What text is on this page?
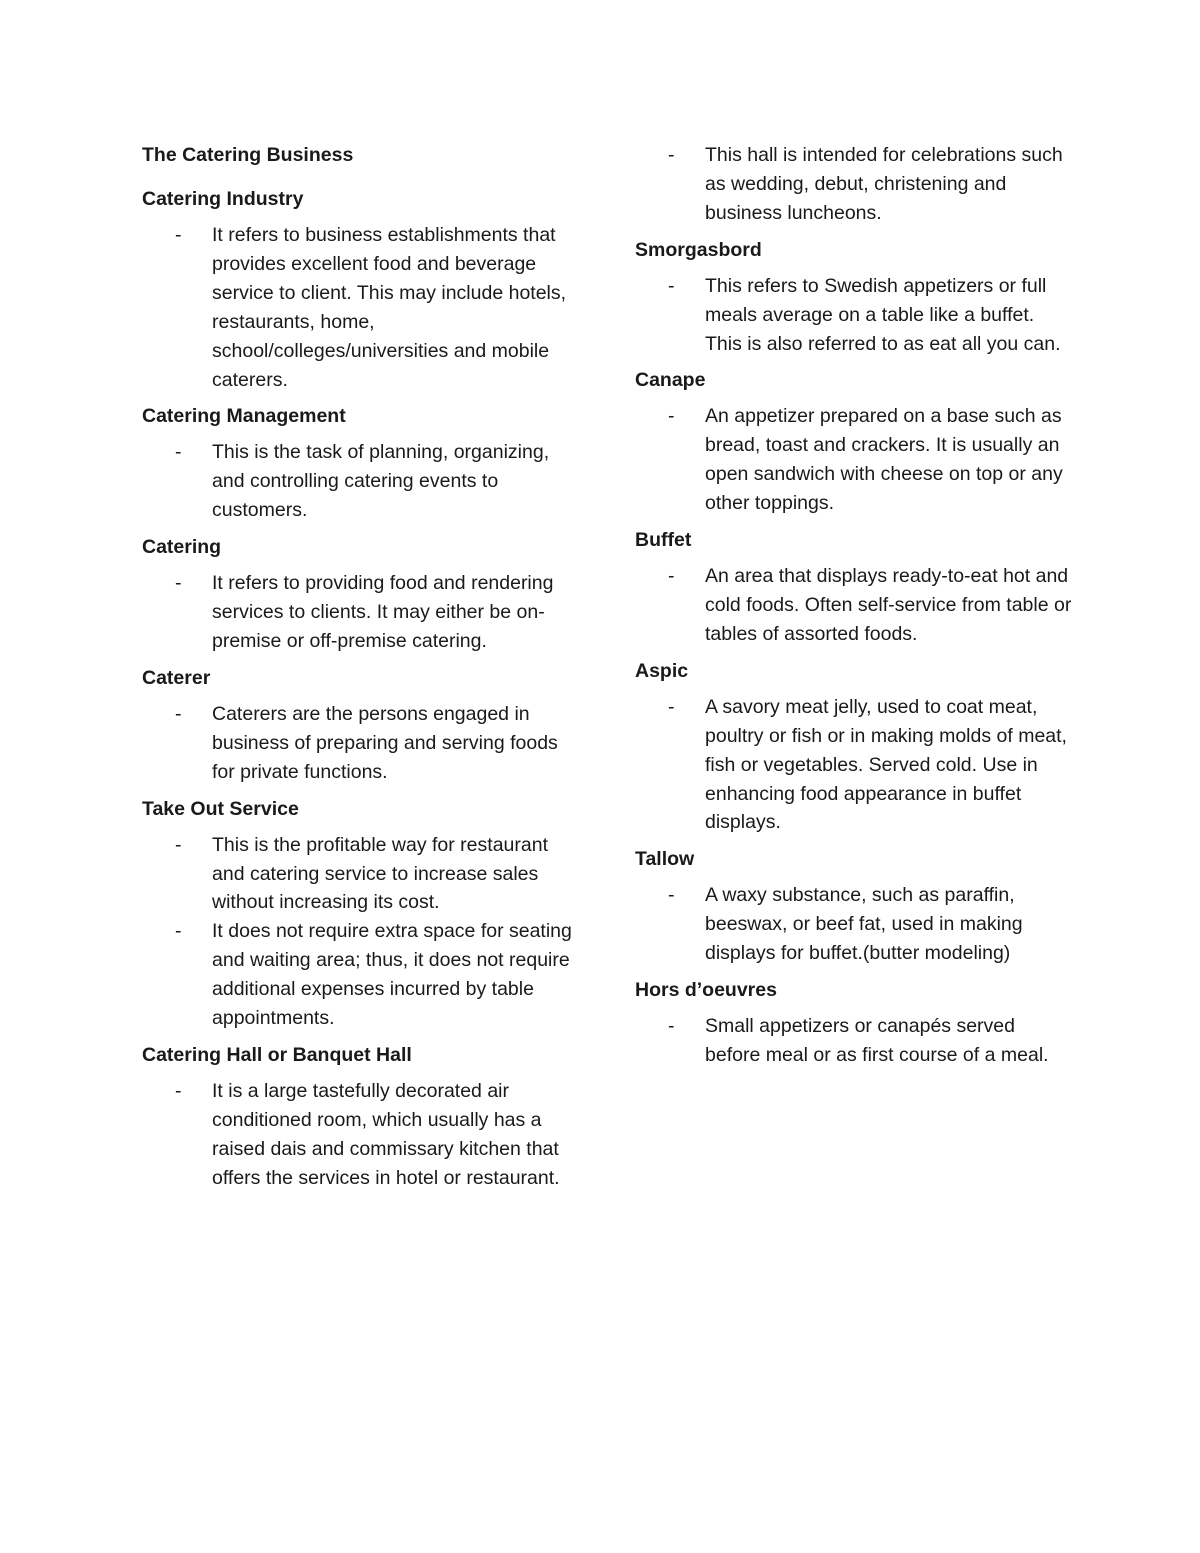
The Catering Business
Catering Industry
- It refers to business establishments that provides excellent food and beverage service to client. This may include hotels, restaurants, home, school/colleges/universities and mobile caterers.
Catering Management
- This is the task of planning, organizing, and controlling catering events to customers.
Catering
- It refers to providing food and rendering services to clients. It may either be on-premise or off-premise catering.
Caterer
- Caterers are the persons engaged in business of preparing and serving foods for private functions.
Take Out Service
- This is the profitable way for restaurant and catering service to increase sales without increasing its cost.
- It does not require extra space for seating and waiting area; thus, it does not require additional expenses incurred by table appointments.
Catering Hall or Banquet Hall
- It is a large tastefully decorated air conditioned room, which usually has a raised dais and commissary kitchen that offers the services in hotel or restaurant.
- This hall is intended for celebrations such as wedding, debut, christening and business luncheons.
Smorgasbord
- This refers to Swedish appetizers or full meals average on a table like a buffet. This is also referred to as eat all you can.
Canape
- An appetizer prepared on a base such as bread, toast and crackers. It is usually an open sandwich with cheese on top or any other toppings.
Buffet
- An area that displays ready-to-eat hot and cold foods. Often self-service from table or tables of assorted foods.
Aspic
- A savory meat jelly, used to coat meat, poultry or fish or in making molds of meat, fish or vegetables. Served cold. Use in enhancing food appearance in buffet displays.
Tallow
- A waxy substance, such as paraffin, beeswax, or beef fat, used in making displays for buffet.(butter modeling)
Hors d’oeuvres
- Small appetizers or canapés served before meal or as first course of a meal.
